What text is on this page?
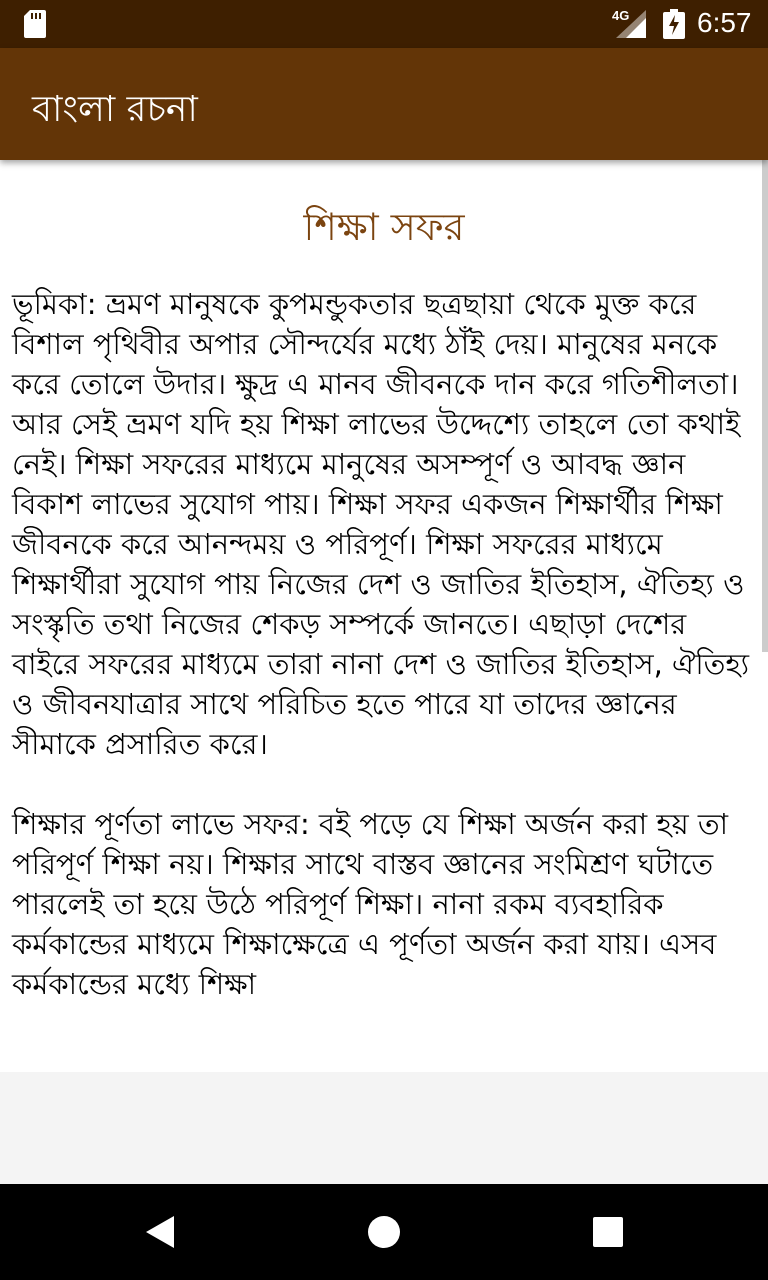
4G 6:57
বাংলা রচনা
শিক্ষা সফর
ভূমিকা: ভ্রমণ মানুষকে কুপমন্ডুকতার ছত্রছায়া থেকে মুক্ত করে বিশাল পৃথিবীর অপার সৌন্দর্যের মধ্যে ঠাঁই দেয়। মানুষের মনকে করে তোলে উদার। ক্ষুদ্র এ মানব জীবনকে দান করে গতিশীলতা। আর সেই ভ্রমণ যদি হয় শিক্ষা লাভের উদ্দেশ্যে তাহলে তো কথাই নেই। শিক্ষা সফরের মাধ্যমে মানুষের অসম্পূর্ণ ও আবদ্ধ জ্ঞান বিকাশ লাভের সুযোগ পায়। শিক্ষা সফর একজন শিক্ষার্থীর শিক্ষা জীবনকে করে আনন্দময় ও পরিপূর্ণ। শিক্ষা সফরের মাধ্যমে শিক্ষার্থীরা সুযোগ পায় নিজের দেশ ও জাতির ইতিহাস, ঐতিহ্য ও সংস্কৃতি তথা নিজের শেকড় সম্পর্কে জানতে। এছাড়া দেশের বাইরে সফরের মাধ্যমে তারা নানা দেশ ও জাতির ইতিহাস, ঐতিহ্য ও জীবনযাত্রার সাথে পরিচিত হতে পারে যা তাদের জ্ঞানের সীমাকে প্রসারিত করে।

শিক্ষার পূর্ণতা লাভে সফর: বই পড়ে যে শিক্ষা অর্জন করা হয় তা পরিপূর্ণ শিক্ষা নয়। শিক্ষার সাথে বাস্তব জ্ঞানের সংমিশ্রণ ঘটাতে পারলেই তা হয়ে উঠে পরিপূর্ণ শিক্ষা। নানা রকম ব্যবহারিক কর্মকান্ডের মাধ্যমে শিক্ষাক্ষেত্রে এ পূর্ণতা অর্জন করা যায়। এসব কর্মকান্ডের মধ্যে শিক্ষা
